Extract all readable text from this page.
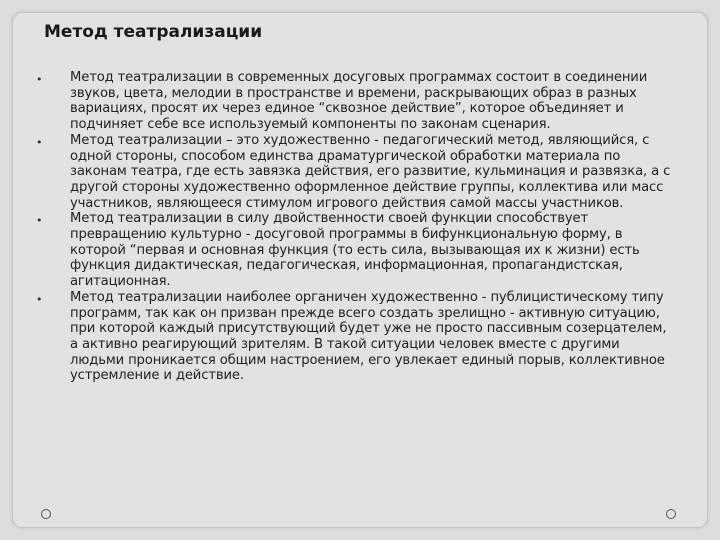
Метод театрализации
• Метод театрализации в современных досуговых программах состоит в соединении звуков, цвета, мелодии в пространстве и времени, раскрывающих образ в разных вариациях, просят их через единое “сквозное действие”, которое объединяет и подчиняет себе все используемый компоненты по законам сценария.
• Метод театрализации – это художественно - педагогический метод, являющийся, с одной стороны, способом единства драматургической обработки материала по законам театра, где есть завязка действия, его развитие, кульминация и развязка, а с другой стороны художественно оформленное действие группы, коллектива или масс участников, являющееся стимулом игрового действия самой массы участников.
• Метод театрализации в силу двойственности своей функции способствует превращению культурно - досуговой программы в бифункциональную форму, в которой “первая и основная функция (то есть сила, вызывающая их к жизни) есть функция дидактическая, педагогическая, информационная, пропагандистская, агитационная.
• Метод театрализации наиболее органичен художественно - публицистическому типу программ, так как он призван прежде всего создать зрелищно - активную ситуацию, при которой каждый присутствующий будет уже не просто пассивным созерцателем, а активно реагирующий зрителям. В такой ситуации человек вместе с другими людьми проникается общим настроением, его увлекает единый порыв, коллективное устремление и действие.
